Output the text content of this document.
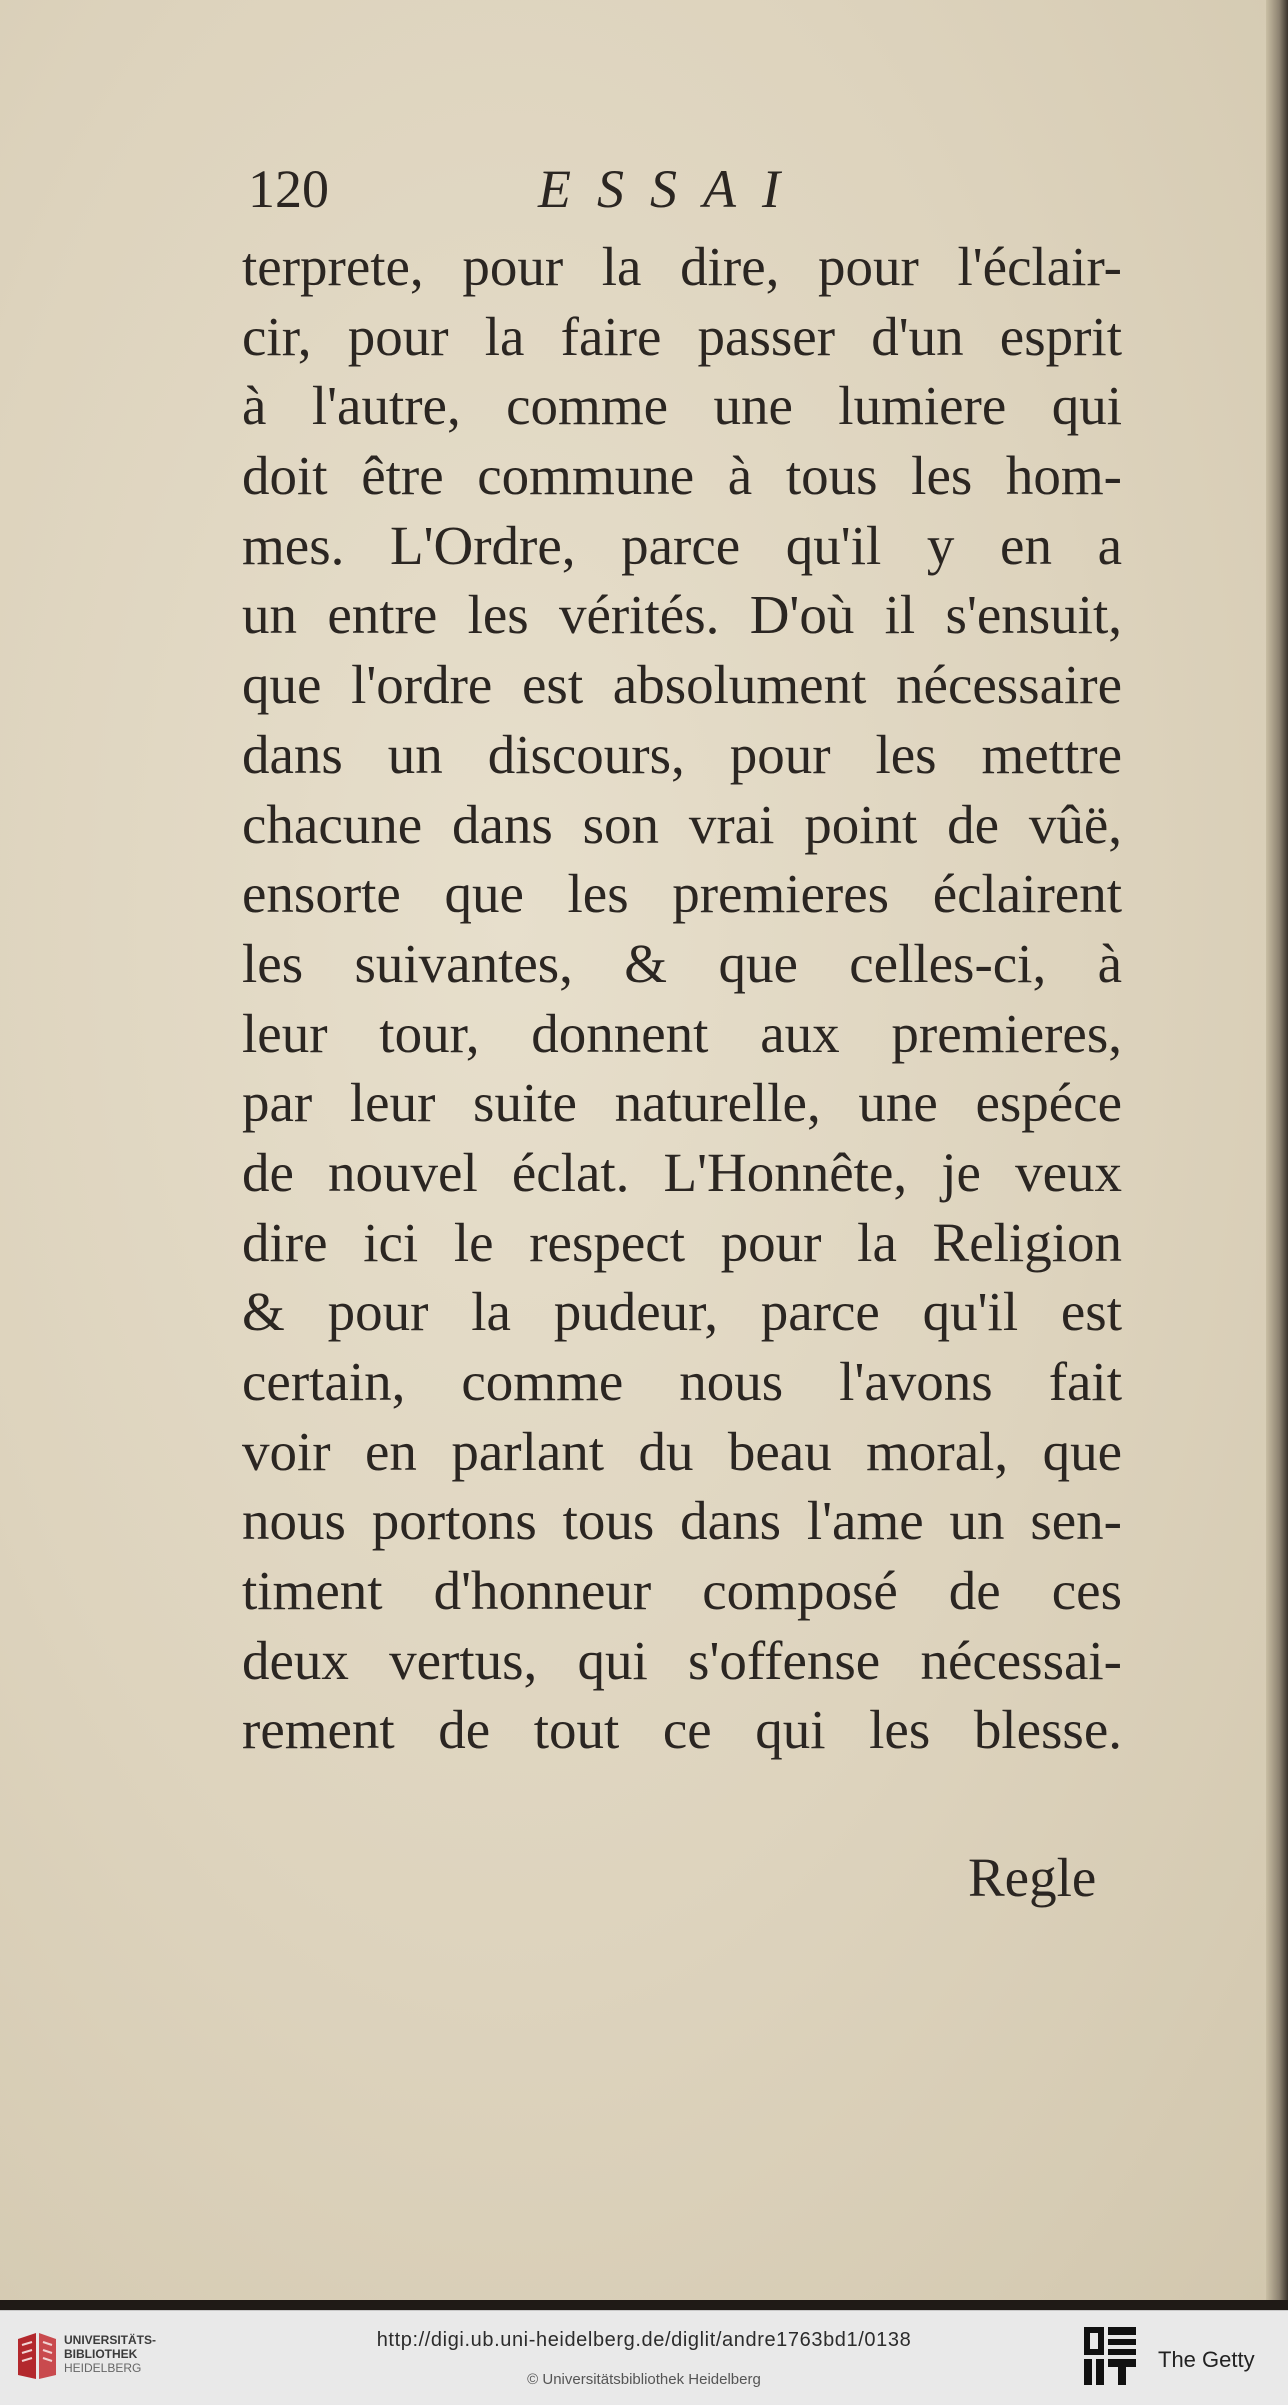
120	ESSAI
terprete, pour la dire, pour l'éclair-
cir, pour la faire passer d'un esprit
à l'autre, comme une lumiere qui
doit être commune à tous les hom-
mes. L'Ordre, parce qu'il y en a
un entre les vérités. D'où il s'ensuit,
que l'ordre est absolument nécessaire
dans un discours, pour les mettre
chacune dans son vrai point de vûë,
ensorte que les premieres éclairent
les suivantes, & que celles-ci, à
leur tour, donnent aux premieres,
par leur suite naturelle, une espéce
de nouvel éclat. L'Honnête, je veux
dire ici le respect pour la Religion
& pour la pudeur, parce qu'il est
certain, comme nous l'avons fait
voir en parlant du beau moral, que
nous portons tous dans l'ame un sen-
timent d'honneur composé de ces
deux vertus, qui s'offense nécessai-
rement de tout ce qui les blesse.
Regle
UNIVERSITÄTS-
BIBLIOTHEK
HEIDELBERG
http://digi.ub.uni-heidelberg.de/diglit/andre1763bd1/0138
© Universitätsbibliothek Heidelberg
The Getty
